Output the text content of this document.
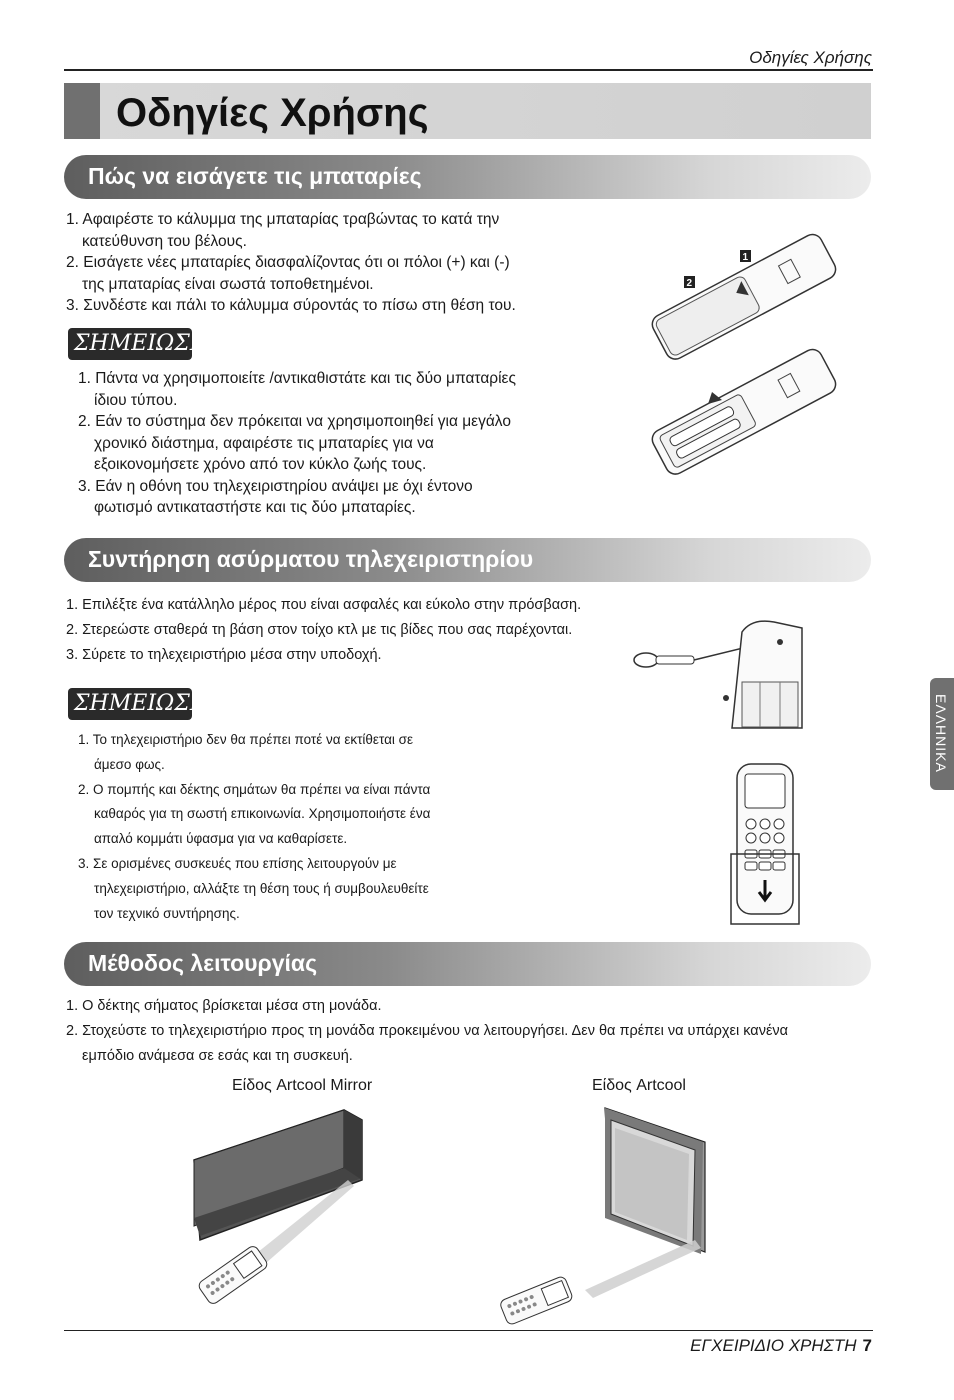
Οδηγίες Χρήσης
Οδηγίες Χρήσης
Πώς να εισάγετε τις μπαταρίες
1. Αφαιρέστε το κάλυμμα της μπαταρίας τραβώντας το κατά την
κατεύθυνση του βέλους.
2. Εισάγετε νέες μπαταρίες διασφαλίζοντας ότι οι πόλοι (+) και (-)
της μπαταρίας είναι σωστά τοποθετημένοι.
3. Συνδέστε και πάλι το κάλυμμα σύροντάς το πίσω στη θέση του.
ΣΗΜΕΙΩΣΗ
1. Πάντα να χρησιμοποιείτε /αντικαθιστάτε και τις δύο μπαταρίες
ίδιου τύπου.
2. Εάν το σύστημα δεν πρόκειται να χρησιμοποιηθεί για μεγάλο
χρονικό διάστημα, αφαιρέστε τις μπαταρίες για να
εξοικονομήσετε χρόνο από τον κύκλο ζωής τους.
3. Εάν η οθόνη του τηλεχειριστηρίου ανάψει με όχι έντονο
φωτισμό αντικαταστήστε και τις δύο μπαταρίες.
1
2
Συντήρηση ασύρματου τηλεχειριστηρίου
1. Επιλέξτε ένα κατάλληλο μέρος που είναι ασφαλές και εύκολο στην πρόσβαση.
2. Στερεώστε σταθερά τη βάση στον τοίχο κτλ με τις βίδες που σας παρέχονται.
3. Σύρετε το τηλεχειριστήριο μέσα στην υποδοχή.
ΣΗΜΕΙΩΣΗ
1. Το τηλεχειριστήριο δεν θα πρέπει ποτέ να εκτίθεται σε
άμεσο φως.
2. Ο πομπής και δέκτης σημάτων θα πρέπει να είναι πάντα
καθαρός για τη σωστή επικοινωνία. Χρησιμοποιήστε ένα
απαλό κομμάτι ύφασμα για να καθαρίσετε.
3. Σε ορισμένες συσκευές που επίσης λειτουργούν με
τηλεχειριστήριο, αλλάξτε τη θέση τους ή συμβουλευθείτε
τον τεχνικό συντήρησης.
ΕΛΛΗΝΙΚΑ
Μέθοδος λειτουργίας
1. Ο δέκτης σήματος βρίσκεται μέσα στη μονάδα.
2. Στοχεύστε το τηλεχειριστήριο προς τη μονάδα προκειμένου να λειτουργήσει. Δεν θα πρέπει να υπάρχει κανένα
εμπόδιο ανάμεσα σε εσάς και τη συσκευή.
Είδος Artcool Mirror	Είδος Artcool
ΕΓΧΕΙΡΙΔΙΟ ΧΡΗΣΤΗ 7
